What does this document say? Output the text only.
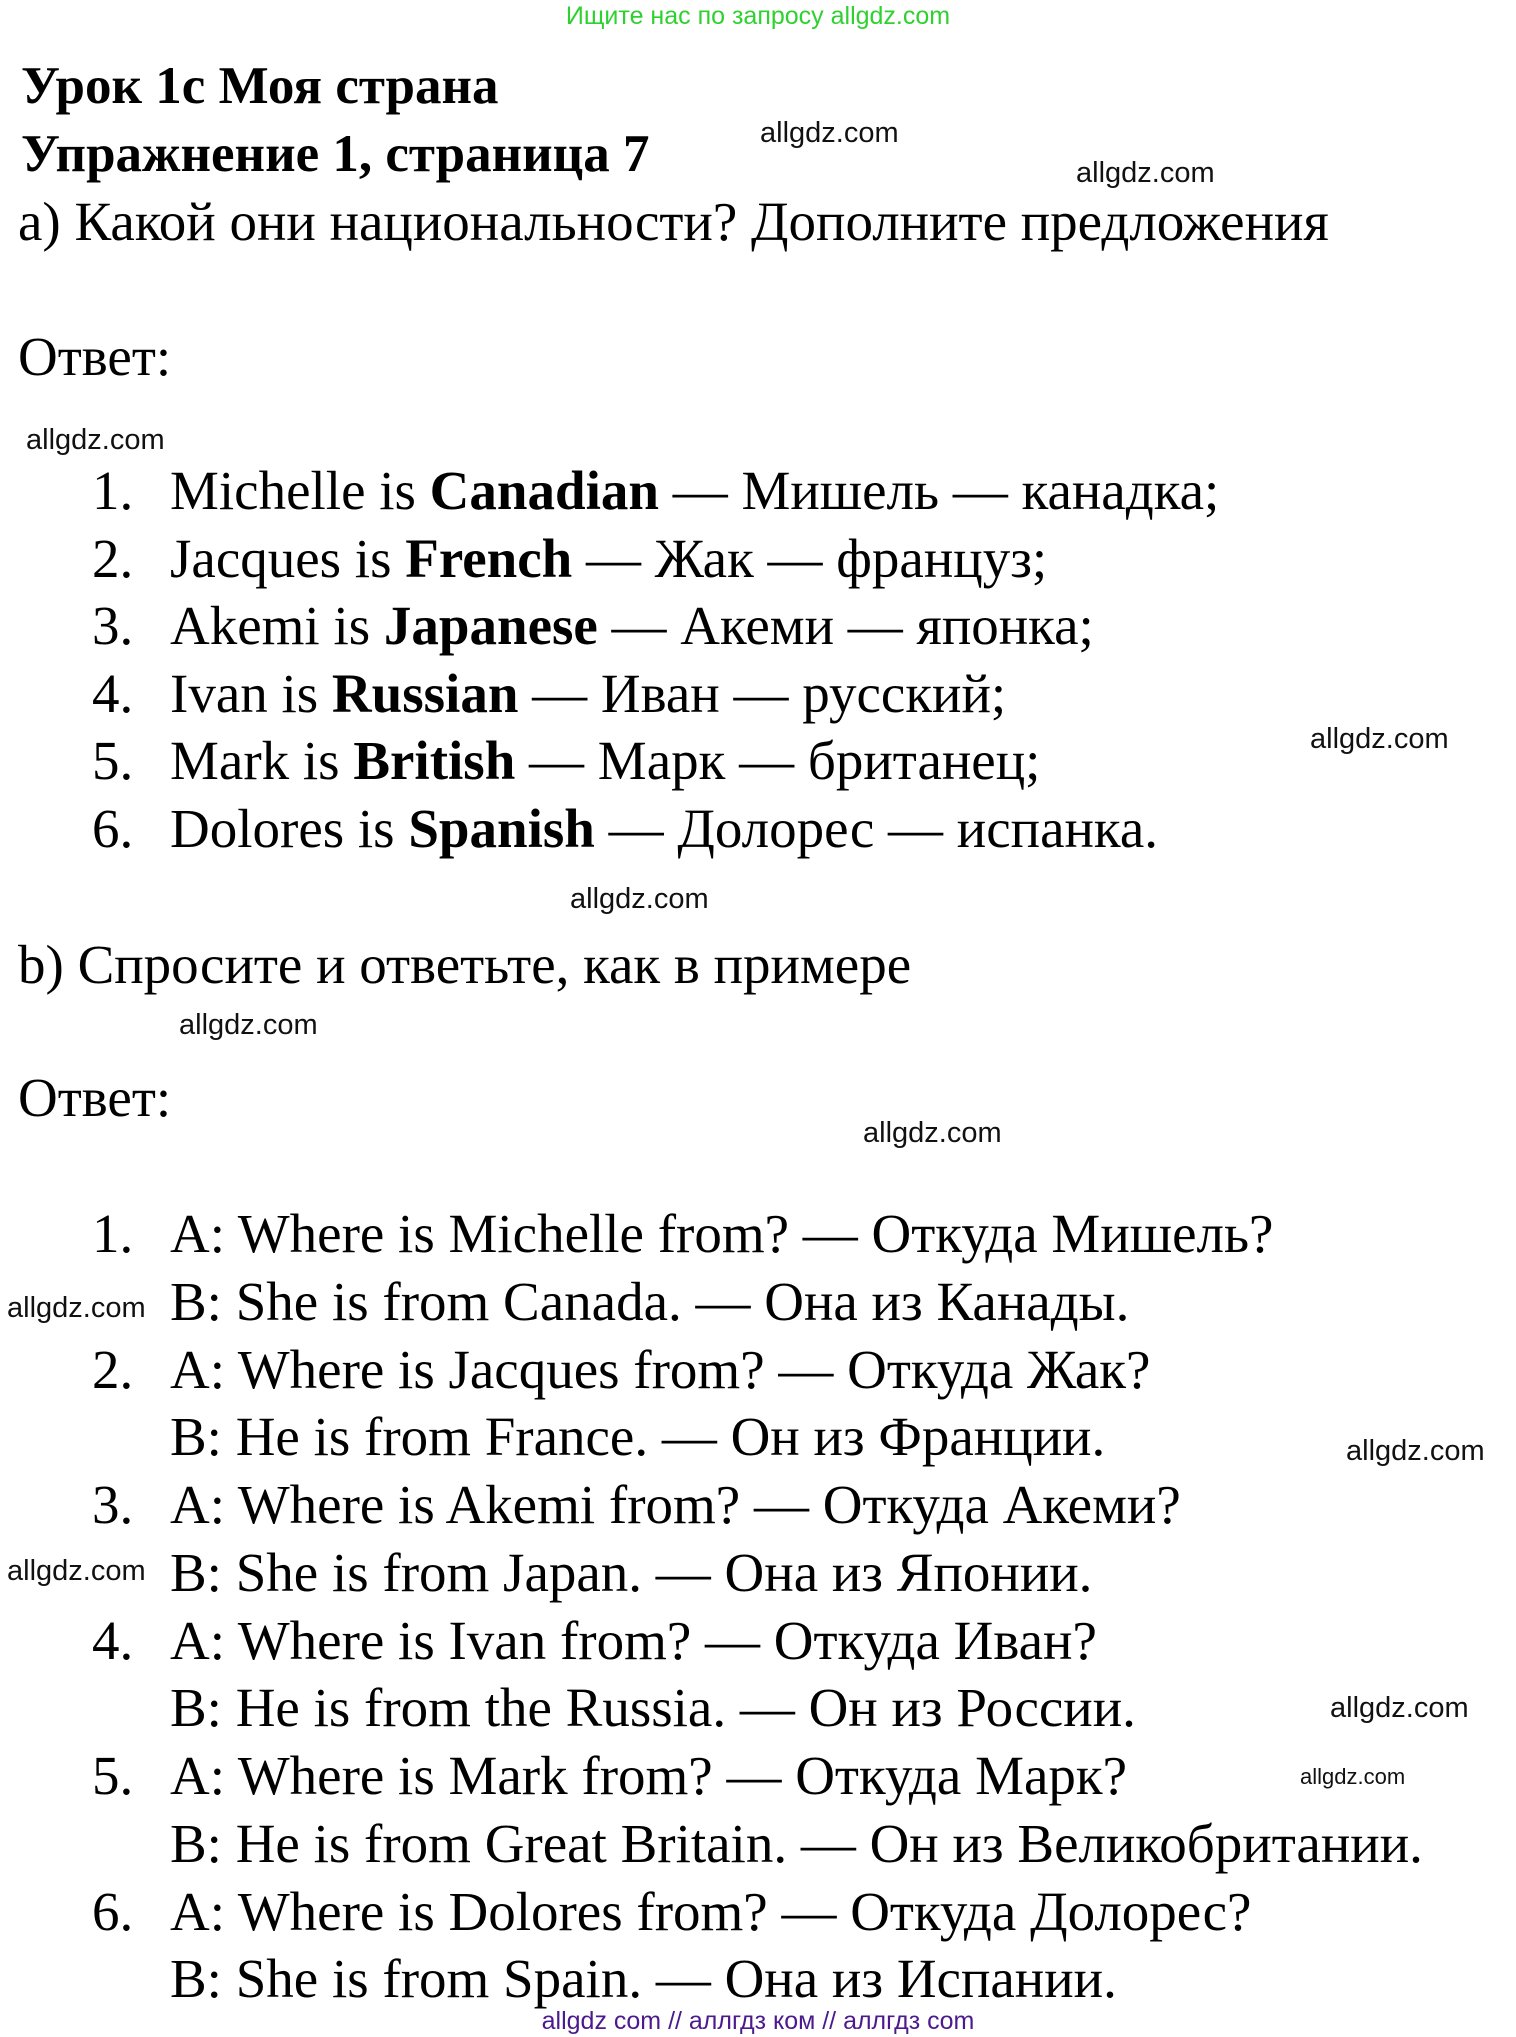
Ищите нас по запросу allgdz.com
Урок 1с Моя страна
Упражнение 1, страница 7	allgdz.com
allgdz.com
a) Какой они национальности? Дополните предложения
Ответ:
allgdz.com
1. Michelle is Canadian — Мишель — канадка;
2. Jacques is French — Жак — француз;
3. Akemi is Japanese — Акеми — японка;
4. Ivan is Russian — Иван — русский;
5. Mark is British — Марк — британец;
6. Dolores is Spanish — Долорес — испанка.
allgdz.com
allgdz.com
b) Спросите и ответьте, как в примере
allgdz.com
Ответ:
allgdz.com
1. A: Where is Michelle from? — Откуда Мишель?
B: She is from Canada. — Она из Канады.
2. A: Where is Jacques from? — Откуда Жак?
B: He is from France. — Он из Франции.
3. A: Where is Akemi from? — Откуда Акеми?
B: She is from Japan. — Она из Японии.
4. A: Where is Ivan from? — Откуда Иван?
B: He is from the Russia. — Он из России.
5. A: Where is Mark from? — Откуда Марк?
B: He is from Great Britain. — Он из Великобритании.
6. A: Where is Dolores from? — Откуда Долорес?
B: She is from Spain. — Она из Испании.
allgdz.com
allgdz.com
allgdz.com
allgdz.com
allgdz.com
allgdz com // аллгдз ком // аллгдз com
